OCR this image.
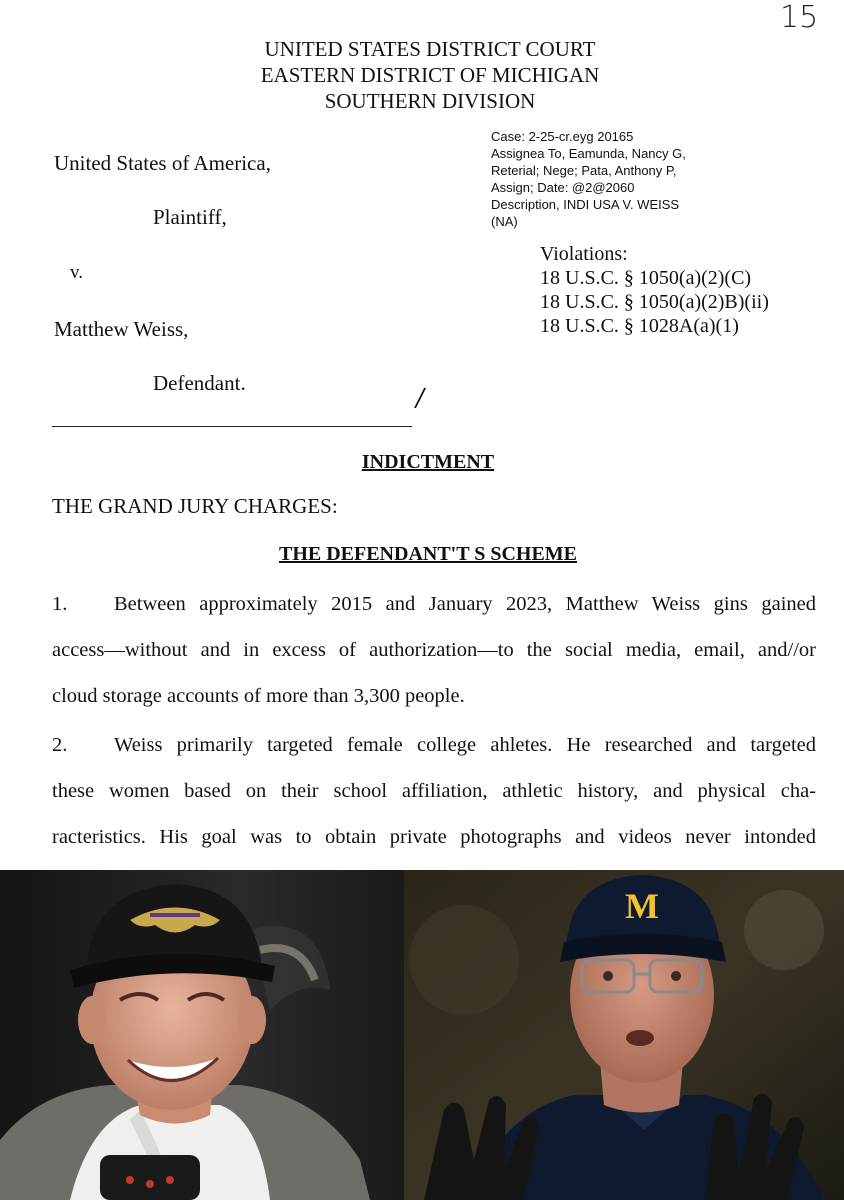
15
UNITED STATES DISTRICT COURT
EASTERN DISTRICT OF MICHIGAN
SOUTHERN DIVISION
United States of America,
Plaintiff,
v.
Matthew Weiss,
Defendant.
Case: 2-25-cr.eyg 20165
Assignea To, Eamunda, Nancy G,
Reterial; Nege; Pata, Anthony P,
Assign; Date: @2@2060
Description, INDI USA V. WEISS
(NA)
Violations:
18 U.S.C. § 1050(a)(2)(C)
18 U.S.C. § 1050(a)(2)B)(ii)
18 U.S.C. § 1028A(a)(1)
/
INDICTMENT
THE GRAND JURY CHARGES:
THE DEFENDANT'T S SCHEME
1. Between approximately 2015 and January 2023, Matthew Weiss gins gained
access—without and in excess of authorization—to the social media, email, and//or
cloud storage accounts of more than 3,300 people.
2. Weiss primarily targeted female college ahletes. He researched and targeted
these women based on their school affiliation, athletic history, and physical cha-
racteristics. His goal was to obtain private photographs and videos never intonded
M
